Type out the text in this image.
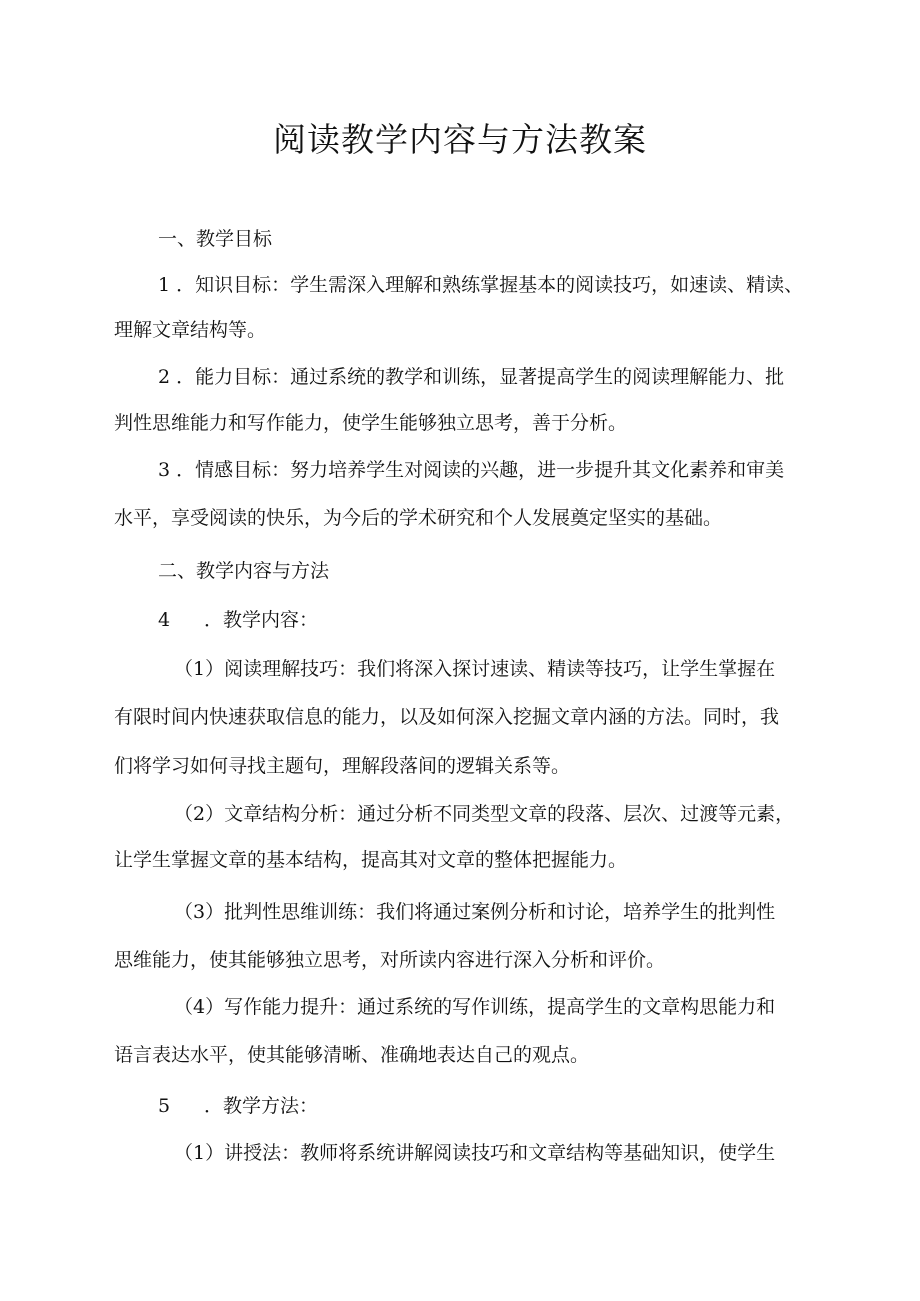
阅读教学内容与方法教案

一、教学目标

1 ．知识目标：学生需深入理解和熟练掌握基本的阅读技巧，如速读、精读、

理解文章结构等。

2 ．能力目标：通过系统的教学和训练，显著提高学生的阅读理解能力、批

判性思维能力和写作能力，使学生能够独立思考，善于分析。

3 ．情感目标：努力培养学生对阅读的兴趣，进一步提升其文化素养和审美

水平，享受阅读的快乐，为今后的学术研究和个人发展奠定坚实的基础。

二、教学内容与方法

4 ．教学内容：

（1）阅读理解技巧：我们将深入探讨速读、精读等技巧，让学生掌握在

有限时间内快速获取信息的能力，以及如何深入挖掘文章内涵的方法。同时，我

们将学习如何寻找主题句，理解段落间的逻辑关系等。

（2）文章结构分析：通过分析不同类型文章的段落、层次、过渡等元素，

让学生掌握文章的基本结构，提高其对文章的整体把握能力。

（3）批判性思维训练：我们将通过案例分析和讨论，培养学生的批判性

思维能力，使其能够独立思考，对所读内容进行深入分析和评价。

（4）写作能力提升：通过系统的写作训练，提高学生的文章构思能力和

语言表达水平，使其能够清晰、准确地表达自己的观点。

5 ．教学方法：

（1）讲授法：教师将系统讲解阅读技巧和文章结构等基础知识，使学生
